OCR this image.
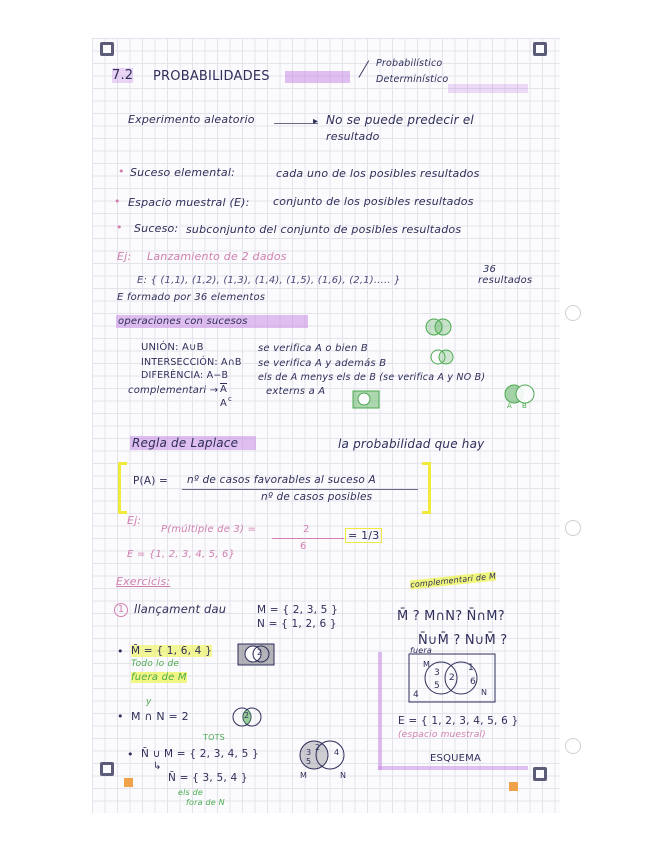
7.2 PROBABILIDADES	⁄ Probabilístico
Determinístico
Experimento aleatorio	▸ No se puede predecir el
resultado
• Suceso elemental:	cada uno de los posibles resultados
• Espacio muestral (E): conjunto de los posibles resultados
• Suceso: subconjunto del conjunto de posibles resultados
Ej: Lanzamiento de 2 dados
E: { (1,1), (1,2), (1,3), (1,4), (1,5), (1,6), (2,1)..... }
36
resultados
E formado por 36 elementos
operaciones con sucesos
UNIÓN: A∪B	se verifica A o bien B
INTERSECCIÓN: A∩B se verifica A y además B
DIFERÈNCIA: A−B	els de A menys els de B (se verifica A y NO B)
complementari → $\overline{A}$
A c
externs a A
A B
Regla de Laplace	la probabilidad que hay
P(A) = nº de casos favorables al suceso A
nº de casos posibles
Ej:
P(múltiple de 3) =	2
6
= 1/3
E = {1, 2, 3, 4, 5, 6}
Exercicis:
1 llançament dau	M = { 2, 3, 5 }
N = { 1, 2, 6 }
complementari de M
M̄ ? M∩N? N̄∩M?
N̄∪M̄ ? N∪M̄ ?
fuera
M
N
3
5
2
1
6
4
E = { 1, 2, 3, 4, 5, 6 }
(espacio muestral)
ESQUEMA
• M̄ = { 1, 6, 4 }	2
Todo lo de
fuera de M
y
• M ∩ N = 2	2
TOTS
• N̄ ∪ M = { 2, 3, 4, 5 }
2
3
5
4
M	N
↳
N̄ = { 3, 5, 4 }
els de
fora de N
